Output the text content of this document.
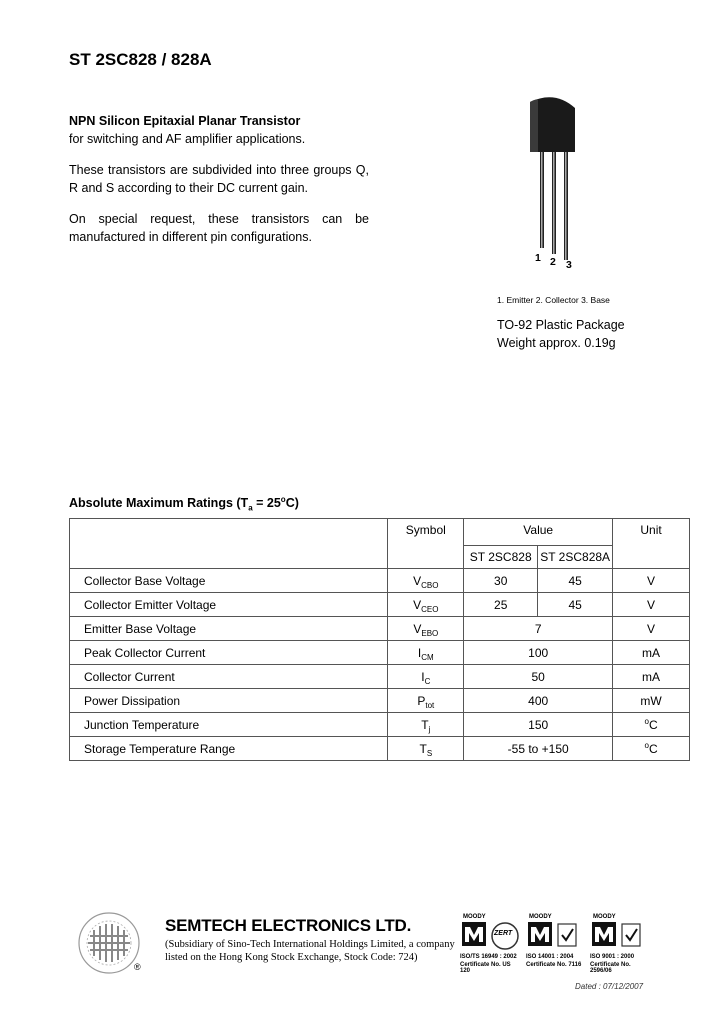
ST 2SC828 / 828A

NPN Silicon Epitaxial Planar Transistor
for switching and AF amplifier applications.

These transistors are subdivided into three groups Q, R and S according to their DC current gain.

On special request, these transistors can be manufactured in different pin configurations.

1 2 3
1. Emitter 2. Collector 3. Base
TO-92 Plastic Package
Weight approx. 0.19g
Absolute Maximum Ratings $(T_a = 25^oC)$
	Symbol	Value		Unit
		ST 2SC828	ST 2SC828A	
Collector Base Voltage	$V_{CBO}$	30	45	V
Collector Emitter Voltage	$V_{CEO}$	25	45	V
Emitter Base Voltage	$V_{EBO}$	7		V
Peak Collector Current	$I_{CM}$	100		mA
Collector Current	$I_C$	50		mA
Power Dissipation	$P_{tot}$	400		mW
Junction Temperature	$T_j$	150		$^o$C
Storage Temperature Range	$T_S$	-55 to +150		$^o$C
®
SEMTECH ELECTRONICS LTD.
(Subsidiary of Sino-Tech International Holdings Limited, a company
listed on the Hong Kong Stock Exchange, Stock Code: 724)
MOODY
ZERT
ISO/TS 16949 : 2002
Certificate No. US 120
MOODY
ISO 14001 : 2004
Certificate No. 7116
MOODY
ISO 9001 : 2000
Certificate No. 2596/06
Dated : 07/12/2007
